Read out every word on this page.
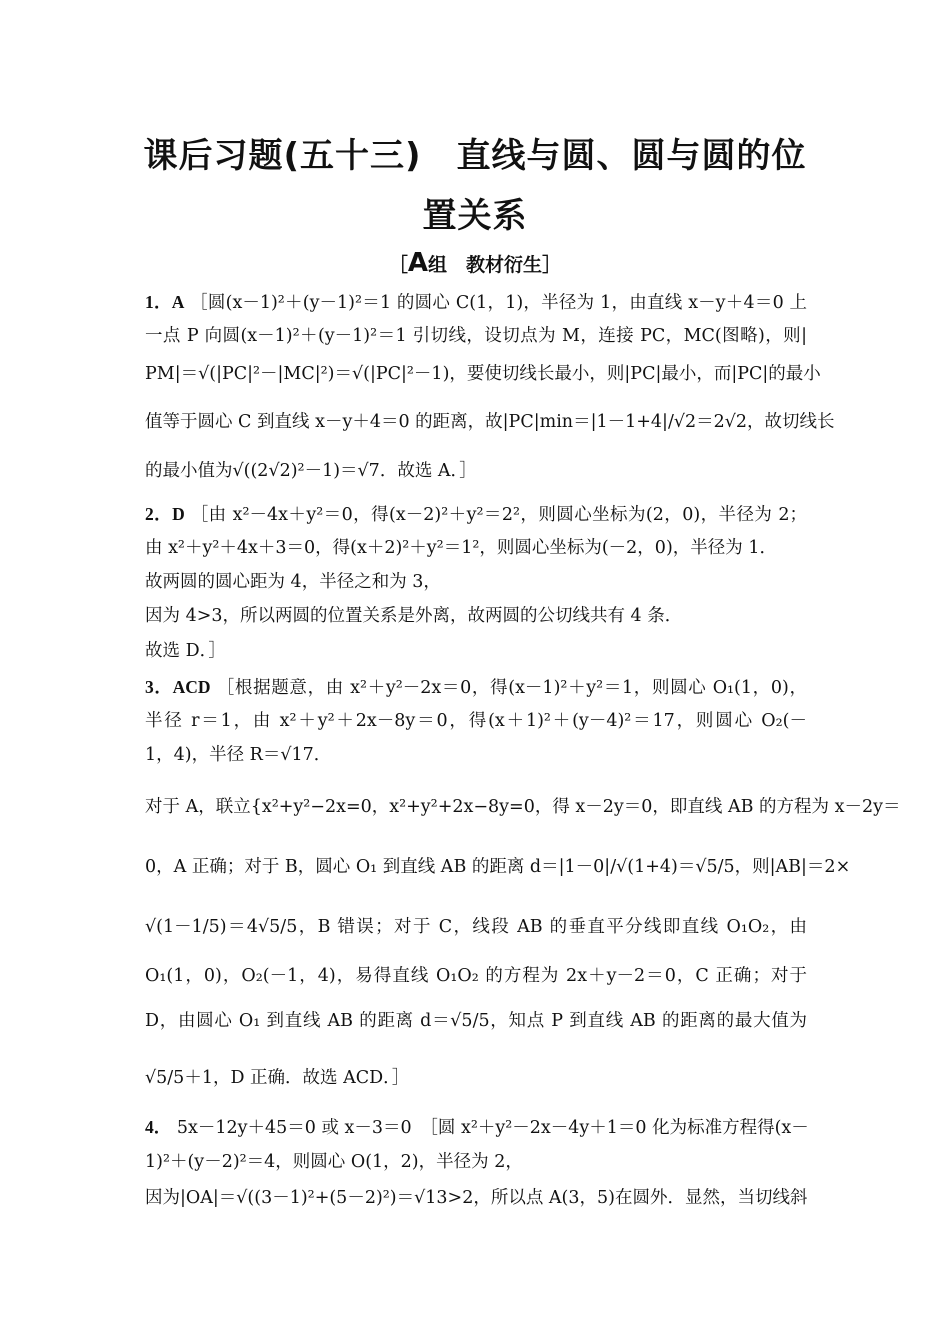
课后习题(五十三)　直线与圆、圆与圆的位
置关系
［A组　教材衍生］
1．A ［圆(x－1)²＋(y－1)²＝1 的圆心 C(1，1)，半径为 1，由直线 x－y＋4＝0 上
一点 P 向圆(x－1)²＋(y－1)²＝1 引切线，设切点为 M，连接 PC，MC(图略)，则|
PM|＝√(|PC|²－|MC|²)＝√(|PC|²－1)，要使切线长最小，则|PC|最小，而|PC|的最小
值等于圆心 C 到直线 x－y＋4＝0 的距离，故|PC|min＝|1－1+4|/√2＝2√2，故切线长
的最小值为√((2√2)²－1)＝√7．故选 A．］
2．D ［由 x²－4x＋y²＝0，得(x－2)²＋y²＝2²，则圆心坐标为(2，0)，半径为 2；
由 x²＋y²＋4x＋3＝0，得(x＋2)²＋y²＝1²，则圆心坐标为(－2，0)，半径为 1．
故两圆的圆心距为 4，半径之和为 3，
因为 4>3，所以两圆的位置关系是外离，故两圆的公切线共有 4 条．
故选 D．］
3．ACD ［根据题意，由 x²＋y²－2x＝0，得(x－1)²＋y²＝1，则圆心 O₁(1，0)，
半径 r＝1，由 x²＋y²＋2x－8y＝0，得(x＋1)²＋(y－4)²＝17，则圆心 O₂(－
1，4)，半径 R＝√17．
对于 A，联立{x²+y²−2x=0，x²+y²+2x−8y=0，得 x－2y＝0，即直线 AB 的方程为 x－2y＝
0，A 正确；对于 B，圆心 O₁ 到直线 AB 的距离 d＝|1－0|/√(1+4)＝√5/5，则|AB|＝2×
√(1－1/5)＝4√5/5，B 错误；对于 C，线段 AB 的垂直平分线即直线 O₁O₂，由
O₁(1，0)，O₂(－1，4)，易得直线 O₁O₂ 的方程为 2x＋y－2＝0，C 正确；对于
D，由圆心 O₁ 到直线 AB 的距离 d＝√5/5，知点 P 到直线 AB 的距离的最大值为
√5/5＋1，D 正确．故选 ACD．］
4． 5x－12y＋45＝0 或 x－3＝0　［圆 x²＋y²－2x－4y＋1＝0 化为标准方程得(x－
1)²＋(y－2)²＝4，则圆心 O(1，2)，半径为 2，
因为|OA|＝√((3－1)²+(5－2)²)＝√13>2，所以点 A(3，5)在圆外．显然，当切线斜
